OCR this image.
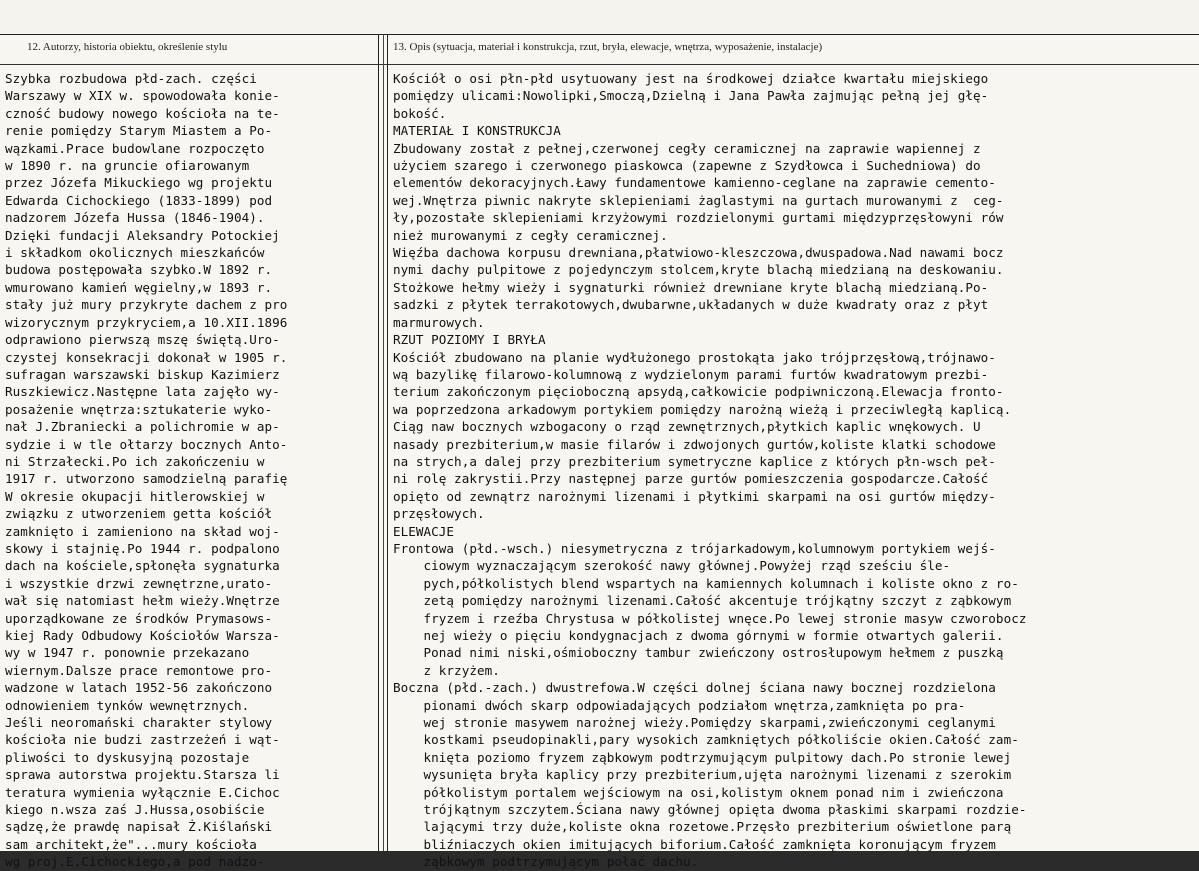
12. Autorzy, historia obiektu, określenie stylu	13. Opis (sytuacja, materiał i konstrukcja, rzut, bryła, elewacje, wnętrza, wyposażenie, instalacje)
Szybka rozbudowa płd-zach. części
Warszawy w XIX w. spowodowała konie-
czność budowy nowego kościoła na te-
renie pomiędzy Starym Miastem a Po-
wązkami.Prace budowlane rozpoczęto
w 1890 r. na gruncie ofiarowanym
przez Józefa Mikuckiego wg projektu
Edwarda Cichockiego (1833-1899) pod
nadzorem Józefa Hussa (1846-1904).
Dzięki fundacji Aleksandry Potockiej
i składkom okolicznych mieszkańców
budowa postępowała szybko.W 1892 r.
wmurowano kamień węgielny,w 1893 r.
stały już mury przykryte dachem z pro
wizorycznym przykryciem,a 10.XII.1896
odprawiono pierwszą mszę świętą.Uro-
czystej konsekracji dokonał w 1905 r.
sufragan warszawski biskup Kazimierz
Ruszkiewicz.Następne lata zajęło wy-
posażenie wnętrza:sztukaterie wyko-
nał J.Zbraniecki a polichromie w ap-
sydzie i w tle ołtarzy bocznych Anto-
ni Strzałecki.Po ich zakończeniu w
1917 r. utworzono samodzielną parafię
W okresie okupacji hitlerowskiej w
związku z utworzeniem getta kościół
zamknięto i zamieniono na skład woj-
skowy i stajnię.Po 1944 r. podpalono
dach na kościele,spłonęła sygnaturka
i wszystkie drzwi zewnętrzne,urato-
wał się natomiast hełm wieży.Wnętrze
uporządkowane ze środków Prymasows-
kiej Rady Odbudowy Kościołów Warsza-
wy w 1947 r. ponownie przekazano
wiernym.Dalsze prace remontowe pro-
wadzone w latach 1952-56 zakończono
odnowieniem tynków wewnętrznych.
Jeśli neoromański charakter stylowy
kościoła nie budzi zastrzeżeń i wąt-
pliwości to dyskusyjną pozostaje
sprawa autorstwa projektu.Starsza li
teratura wymienia wyłącznie E.Cichoc
kiego n.wsza zaś J.Hussa,osobiście
sądzę,że prawdę napisał Ż.Kiślański
sam architekt,że"...mury kościoła
wg proj.E.Cichockiego,a pod nadzo-
Kościół o osi płn-płd usytuowany jest na środkowej działce kwartału miejskiego
pomiędzy ulicami:Nowolipki,Smoczą,Dzielną i Jana Pawła zajmując pełną jej głę-
bokość.
MATERIAŁ I KONSTRUKCJA
Zbudowany został z pełnej,czerwonej cegły ceramicznej na zaprawie wapiennej z
użyciem szarego i czerwonego piaskowca (zapewne z Szydłowca i Suchedniowa) do
elementów dekoracyjnych.Ławy fundamentowe kamienno-ceglane na zaprawie cemento-
wej.Wnętrza piwnic nakryte sklepieniami żaglastymi na gurtach murowanymi z  ceg-
ły,pozostałe sklepieniami krzyżowymi rozdzielonymi gurtami międzyprzęsłowyni rów
nież murowanymi z cegły ceramicznej.
Więźba dachowa korpusu drewniana,płatwiowo-kleszczowa,dwuspadowa.Nad nawami bocz
nymi dachy pulpitowe z pojedynczym stolcem,kryte blachą miedzianą na deskowaniu.
Stożkowe hełmy wieży i sygnaturki również drewniane kryte blachą miedzianą.Po-
sadzki z płytek terrakotowych,dwubarwne,układanych w duże kwadraty oraz z płyt
marmurowych.
RZUT POZIOMY I BRYŁA
Kościół zbudowano na planie wydłużonego prostokąta jako trójprzęsłową,trójnawo-
wą bazylikę filarowo-kolumnową z wydzielonym parami furtów kwadratowym prezbi-
terium zakończonym pięcioboczną apsydą,całkowicie podpiwniczoną.Elewacja fronto-
wa poprzedzona arkadowym portykiem pomiędzy narożną wieżą i przeciwległą kaplicą.
Ciąg naw bocznych wzbogacony o rząd zewnętrznych,płytkich kaplic wnękowych. U
nasady prezbiterium,w masie filarów i zdwojonych gurtów,koliste klatki schodowe
na strych,a dalej przy prezbiterium symetryczne kaplice z których płn-wsch peł-
ni rolę zakrystii.Przy następnej parze gurtów pomieszczenia gospodarcze.Całość
opięto od zewnątrz narożnymi lizenami i płytkimi skarpami na osi gurtów między-
przęsłowych.
ELEWACJE
Frontowa (płd.-wsch.) niesymetryczna z trójarkadowym,kolumnowym portykiem wejś-
ciowym wyznaczającym szerokość nawy głównej.Powyżej rząd sześciu śle-
pych,półkolistych blend wspartych na kamiennych kolumnach i koliste okno z ro-
zetą pomiędzy narożnymi lizenami.Całość akcentuje trójkątny szczyt z ząbkowym
fryzem i rzeźba Chrystusa w półkolistej wnęce.Po lewej stronie masyw czworobocz
nej wieży o pięciu kondygnacjach z dwoma górnymi w formie otwartych galerii.
Ponad nimi niski,ośmioboczny tambur zwieńczony ostrosłupowym hełmem z puszką
z krzyżem.
Boczna (płd.-zach.) dwustrefowa.W części dolnej ściana nawy bocznej rozdzielona
pionami dwóch skarp odpowiadających podziałom wnętrza,zamknięta po pra-
wej stronie masywem narożnej wieży.Pomiędzy skarpami,zwieńczonymi ceglanymi
kostkami pseudopinakli,pary wysokich zamkniętych półkoliście okien.Całość zam-
knięta poziomo fryzem ząbkowym podtrzymującym pulpitowy dach.Po stronie lewej
wysunięta bryła kaplicy przy prezbiterium,ujęta narożnymi lizenami z szerokim
półkolistym portalem wejściowym na osi,kolistym oknem ponad nim i zwieńczona
trójkątnym szczytem.Ściana nawy głównej opięta dwoma płaskimi skarpami rozdzie-
lającymi trzy duże,koliste okna rozetowe.Przęsło prezbiterium oświetlone parą
bliźniaczych okien imitujących biforium.Całość zamknięta koronującym fryzem
ząbkowym podtrzymującym połać dachu.
